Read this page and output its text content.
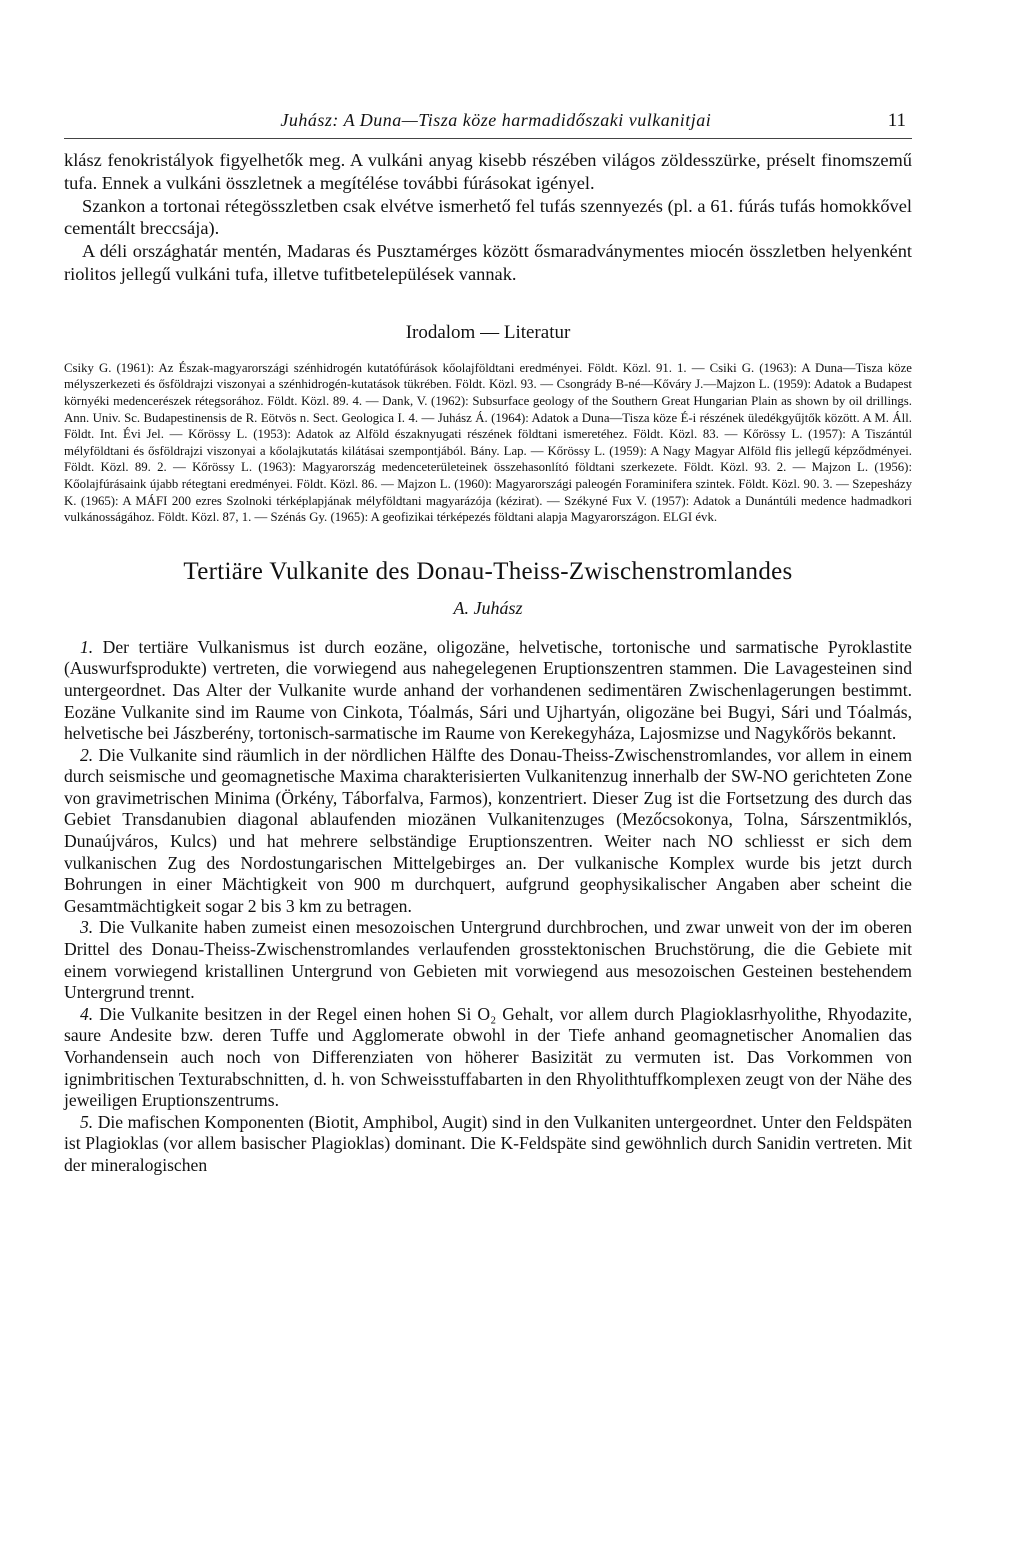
Juhász: A Duna—Tisza köze harmadidőszaki vulkanitjai	11

klász fenokristályok figyelhetők meg. A vulkáni anyag kisebb részében világos zöldesszürke, préselt finomszemű tufa. Ennek a vulkáni összletnek a megítélése további fúrásokat igényel.

Szankon a tortonai rétegösszletben csak elvétve ismerhető fel tufás szennyezés (pl. a 61. fúrás tufás homokkővel cementált breccsája).

A déli országhatár mentén, Madaras és Pusztamérges között ősmaradványmentes miocén összletben helyenként riolitos jellegű vulkáni tufa, illetve tufitbetelepülések vannak.

Irodalom — Literatur
Csiky G. (1961): Az Észak-magyarországi szénhidrogén kutatófúrások kőolajföldtani eredményei. Földt. Közl. 91. 1. — Csiki G. (1963): A Duna—Tisza köze mélyszerkezeti és ősföldrajzi viszonyai a szénhidrogén-kutatások tükrében. Földt. Közl. 93. — Csongrády B-né—Kőváry J.—Majzon L. (1959): Adatok a Budapest környéki medencerészek rétegsorához. Földt. Közl. 89. 4. — Dank, V. (1962): Subsurface geology of the Southern Great Hungarian Plain as shown by oil drillings. Ann. Univ. Sc. Budapestinensis de R. Eötvös n. Sect. Geologica I. 4. — Juhász Á. (1964): Adatok a Duna—Tisza köze É-i részének üledékgyűjtők között. A M. Áll. Földt. Int. Évi Jel. — Kőrössy L. (1953): Adatok az Alföld északnyugati részének földtani ismeretéhez. Földt. Közl. 83. — Kőrössy L. (1957): A Tiszántúl mélyföldtani és ősföldrajzi viszonyai a kőolajkutatás kilátásai szempontjából. Bány. Lap. — Kőrössy L. (1959): A Nagy Magyar Alföld flis jellegű képződményei. Földt. Közl. 89. 2. — Kőrössy L. (1963): Magyarország medenceterületeinek összehasonlító földtani szerkezete. Földt. Közl. 93. 2. — Majzon L. (1956): Kőolajfúrásaink újabb rétegtani eredményei. Földt. Közl. 86. — Majzon L. (1960): Magyarországi paleogén Foraminifera szintek. Földt. Közl. 90. 3. — Szepesházy K. (1965): A MÁFI 200 ezres Szolnoki térképlapjának mélyföldtani magyarázója (kézirat). — Székyné Fux V. (1957): Adatok a Dunántúli medence hadmadkori vulkánosságához. Földt. Közl. 87, 1. — Szénás Gy. (1965): A geofizikai térképezés földtani alapja Magyarországon. ELGI évk.
Tertiäre Vulkanite des Donau-Theiss-Zwischenstromlandes
A. Juhász

1. Der tertiäre Vulkanismus ist durch eozäne, oligozäne, helvetische, tortonische und sarmatische Pyroklastite (Auswurfsprodukte) vertreten, die vorwiegend aus nahegelegenen Eruptionszentren stammen. Die Lavagesteinen sind untergeordnet. Das Alter der Vulkanite wurde anhand der vorhandenen sedimentären Zwischenlagerungen bestimmt. Eozäne Vulkanite sind im Raume von Cinkota, Tóalmás, Sári und Ujhartyán, oligozäne bei Bugyi, Sári und Tóalmás, helvetische bei Jászberény, tortonisch-sarmatische im Raume von Kerekegyháza, Lajosmizse und Nagykőrös bekannt.

2. Die Vulkanite sind räumlich in der nördlichen Hälfte des Donau-Theiss-Zwischenstromlandes, vor allem in einem durch seismische und geomagnetische Maxima charakterisierten Vulkanitenzug innerhalb der SW-NO gerichteten Zone von gravimetrischen Minima (Örkény, Táborfalva, Farmos), konzentriert. Dieser Zug ist die Fortsetzung des durch das Gebiet Transdanubien diagonal ablaufenden miozänen Vulkanitenzuges (Mezőcsokonya, Tolna, Sárszentmiklós, Dunaújváros, Kulcs) und hat mehrere selbständige Eruptionszentren. Weiter nach NO schliesst er sich dem vulkanischen Zug des Nordostungarischen Mittelgebirges an. Der vulkanische Komplex wurde bis jetzt durch Bohrungen in einer Mächtigkeit von 900 m durchquert, aufgrund geophysikalischer Angaben aber scheint die Gesamtmächtigkeit sogar 2 bis 3 km zu betragen.

3. Die Vulkanite haben zumeist einen mesozoischen Untergrund durchbrochen, und zwar unweit von der im oberen Drittel des Donau-Theiss-Zwischenstromlandes verlaufenden grosstektonischen Bruchstörung, die die Gebiete mit einem vorwiegend kristallinen Untergrund von Gebieten mit vorwiegend aus mesozoischen Gesteinen bestehendem Untergrund trennt.

4. Die Vulkanite besitzen in der Regel einen hohen Si O₂ Gehalt, vor allem durch Plagioklasrhyolithe, Rhyodazite, saure Andesite bzw. deren Tuffe und Agglomerate obwohl in der Tiefe anhand geomagnetischer Anomalien das Vorhandensein auch noch von Differenziaten von höherer Basizität zu vermuten ist. Das Vorkommen von ignimbritischen Texturabschnitten, d. h. von Schweisstuffabarten in den Rhyolithtuffkomplexen zeugt von der Nähe des jeweiligen Eruptionszentrums.

5. Die mafischen Komponenten (Biotit, Amphibol, Augit) sind in den Vulkaniten untergeordnet. Unter den Feldspäten ist Plagioklas (vor allem basischer Plagioklas) dominant. Die K-Feldspäte sind gewöhnlich durch Sanidin vertreten. Mit der mineralogischen
